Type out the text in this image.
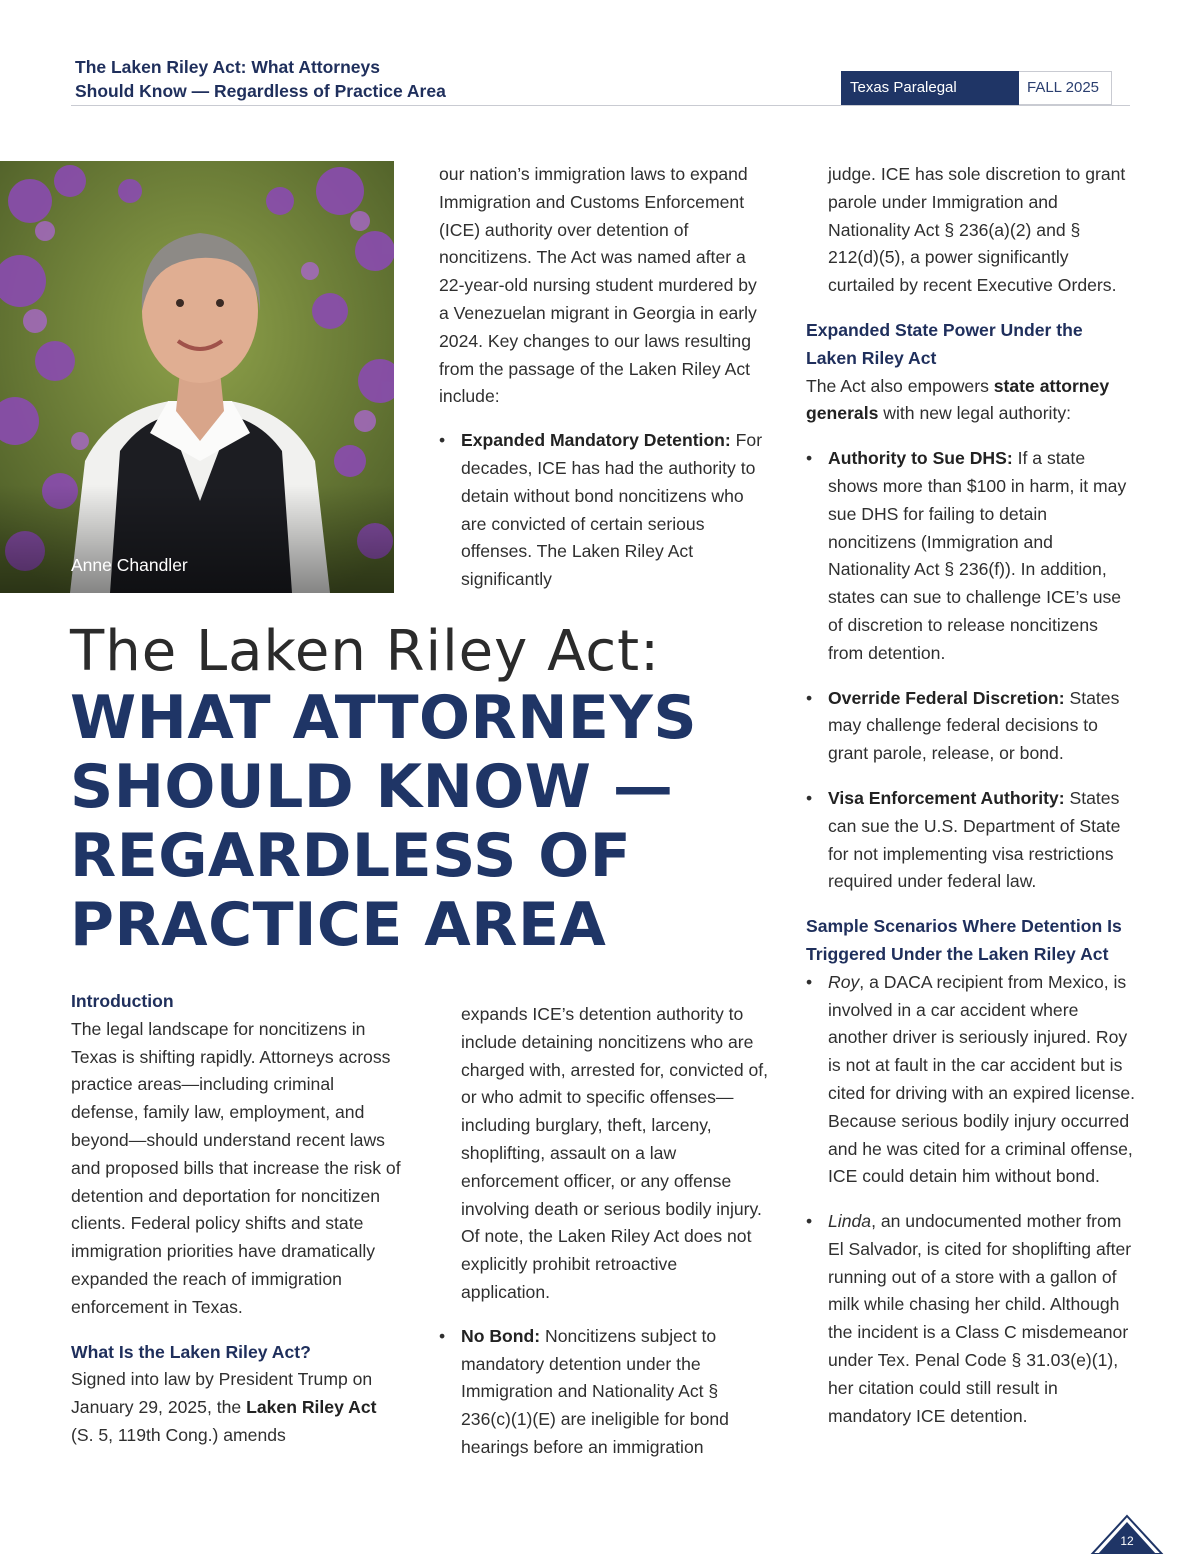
The Laken Riley Act: What Attorneys
Should Know — Regardless of Practice Area	Texas Paralegal Journal
FALL 2025
Anne Chandler

our nation’s immigration laws to expand Immigration and Customs Enforcement (ICE) authority over detention of noncitizens. The Act was named after a 22-year-old nursing student murdered by a Venezuelan migrant in Georgia in early 2024. Key changes to our laws resulting from the passage of the Laken Riley Act include:

• Expanded Mandatory Detention: For decades, ICE has had the authority to detain without bond noncitizens who are convicted of certain serious offenses. The Laken Riley Act significantly
The Laken Riley Act:
WHAT ATTORNEYS SHOULD KNOW — REGARDLESS OF PRACTICE AREA

Introduction

The legal landscape for noncitizens in Texas is shifting rapidly. Attorneys across practice areas—including criminal defense, family law, employment, and beyond—should understand recent laws and proposed bills that increase the risk of detention and deportation for noncitizen clients. Federal policy shifts and state immigration priorities have dramatically expanded the reach of immigration enforcement in Texas.

What Is the Laken Riley Act?

Signed into law by President Trump on January 29, 2025, the Laken Riley Act (S. 5, 119th Cong.) amends

expands ICE’s detention authority to include detaining noncitizens who are charged with, arrested for, convicted of, or who admit to specific offenses—including burglary, theft, larceny, shoplifting, assault on a law enforcement officer, or any offense involving death or serious bodily injury. Of note, the Laken Riley Act does not explicitly prohibit retroactive application.
• No Bond: Noncitizens subject to mandatory detention under the Immigration and Nationality Act § 236(c)(1)(E) are ineligible for bond hearings before an immigration
judge. ICE has sole discretion to grant parole under Immigration and Nationality Act § 236(a)(2) and § 212(d)(5), a power significantly curtailed by recent Executive Orders.

Expanded State Power Under the Laken Riley Act

The Act also empowers state attorney generals with new legal authority:

• Authority to Sue DHS: If a state shows more than $100 in harm, it may sue DHS for failing to detain noncitizens (Immigration and Nationality Act § 236(f)). In addition, states can sue to challenge ICE’s use of discretion to release noncitizens from detention.
• Override Federal Discretion: States may challenge federal decisions to grant parole, release, or bond.
• Visa Enforcement Authority: States can sue the U.S. Department of State for not implementing visa restrictions required under federal law.

Sample Scenarios Where Detention Is Triggered Under the Laken Riley Act

• Roy, a DACA recipient from Mexico, is involved in a car accident where another driver is seriously injured. Roy is not at fault in the car accident but is cited for driving with an expired license. Because serious bodily injury occurred and he was cited for a criminal offense, ICE could detain him without bond.
• Linda, an undocumented mother from El Salvador, is cited for shoplifting after running out of a store with a gallon of milk while chasing her child. Although the incident is a Class C misdemeanor under Tex. Penal Code § 31.03(e)(1), her citation could still result in mandatory ICE detention.
12
